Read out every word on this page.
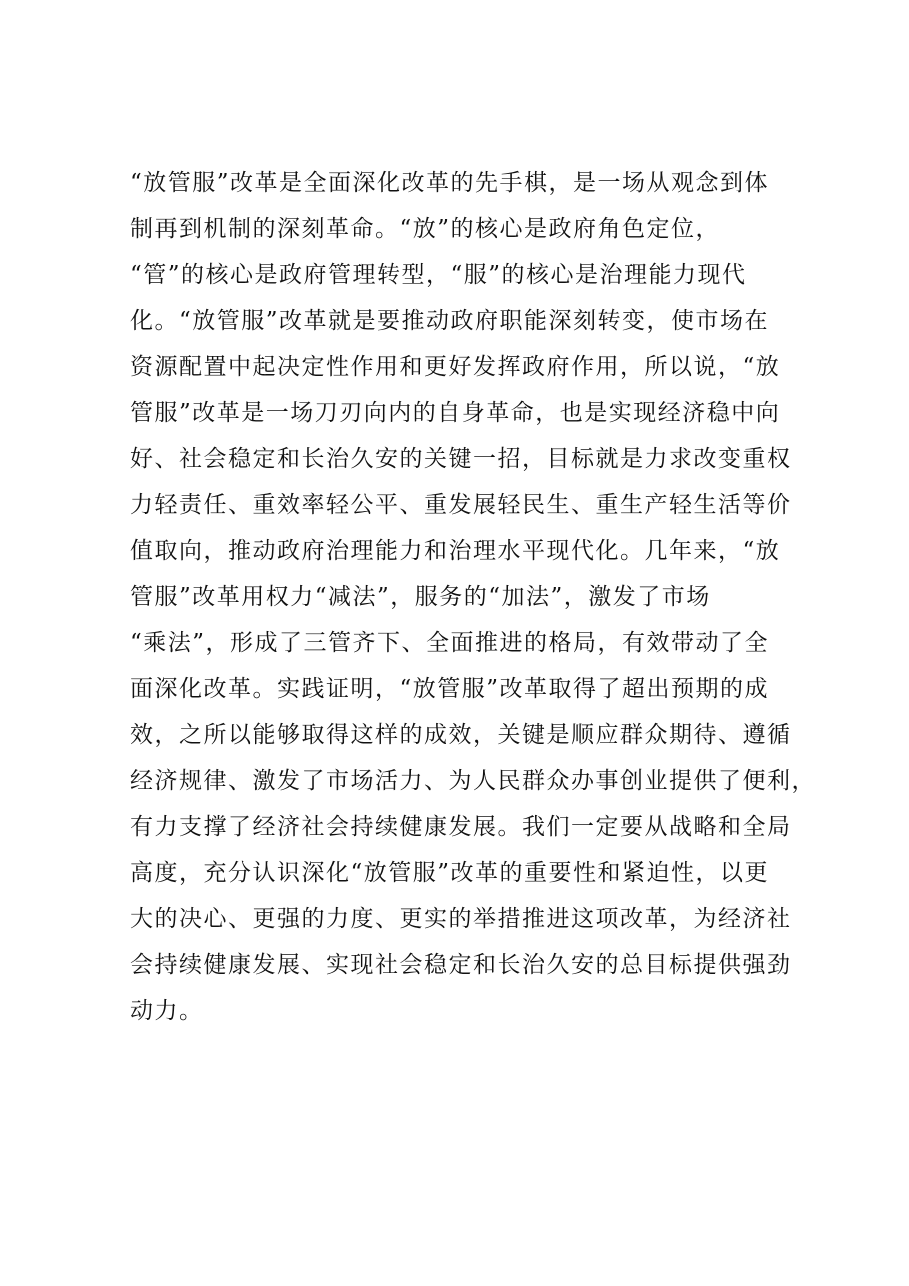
“放管服”改革是全面深化改革的先手棋，是一场从观念到体
制再到机制的深刻革命。“放”的核心是政府角色定位，
“管”的核心是政府管理转型，“服”的核心是治理能力现代
化。“放管服”改革就是要推动政府职能深刻转变，使市场在
资源配置中起决定性作用和更好发挥政府作用，所以说，“放
管服”改革是一场刀刃向内的自身革命，也是实现经济稳中向
好、社会稳定和长治久安的关键一招，目标就是力求改变重权
力轻责任、重效率轻公平、重发展轻民生、重生产轻生活等价
值取向，推动政府治理能力和治理水平现代化。几年来，“放
管服”改革用权力“减法”，服务的“加法”，激发了市场
“乘法”，形成了三管齐下、全面推进的格局，有效带动了全
面深化改革。实践证明，“放管服”改革取得了超出预期的成
效，之所以能够取得这样的成效，关键是顺应群众期待、遵循
经济规律、激发了市场活力、为人民群众办事创业提供了便利，
有力支撑了经济社会持续健康发展。我们一定要从战略和全局
高度，充分认识深化“放管服”改革的重要性和紧迫性，以更
大的决心、更强的力度、更实的举措推进这项改革，为经济社
会持续健康发展、实现社会稳定和长治久安的总目标提供强劲
动力。
